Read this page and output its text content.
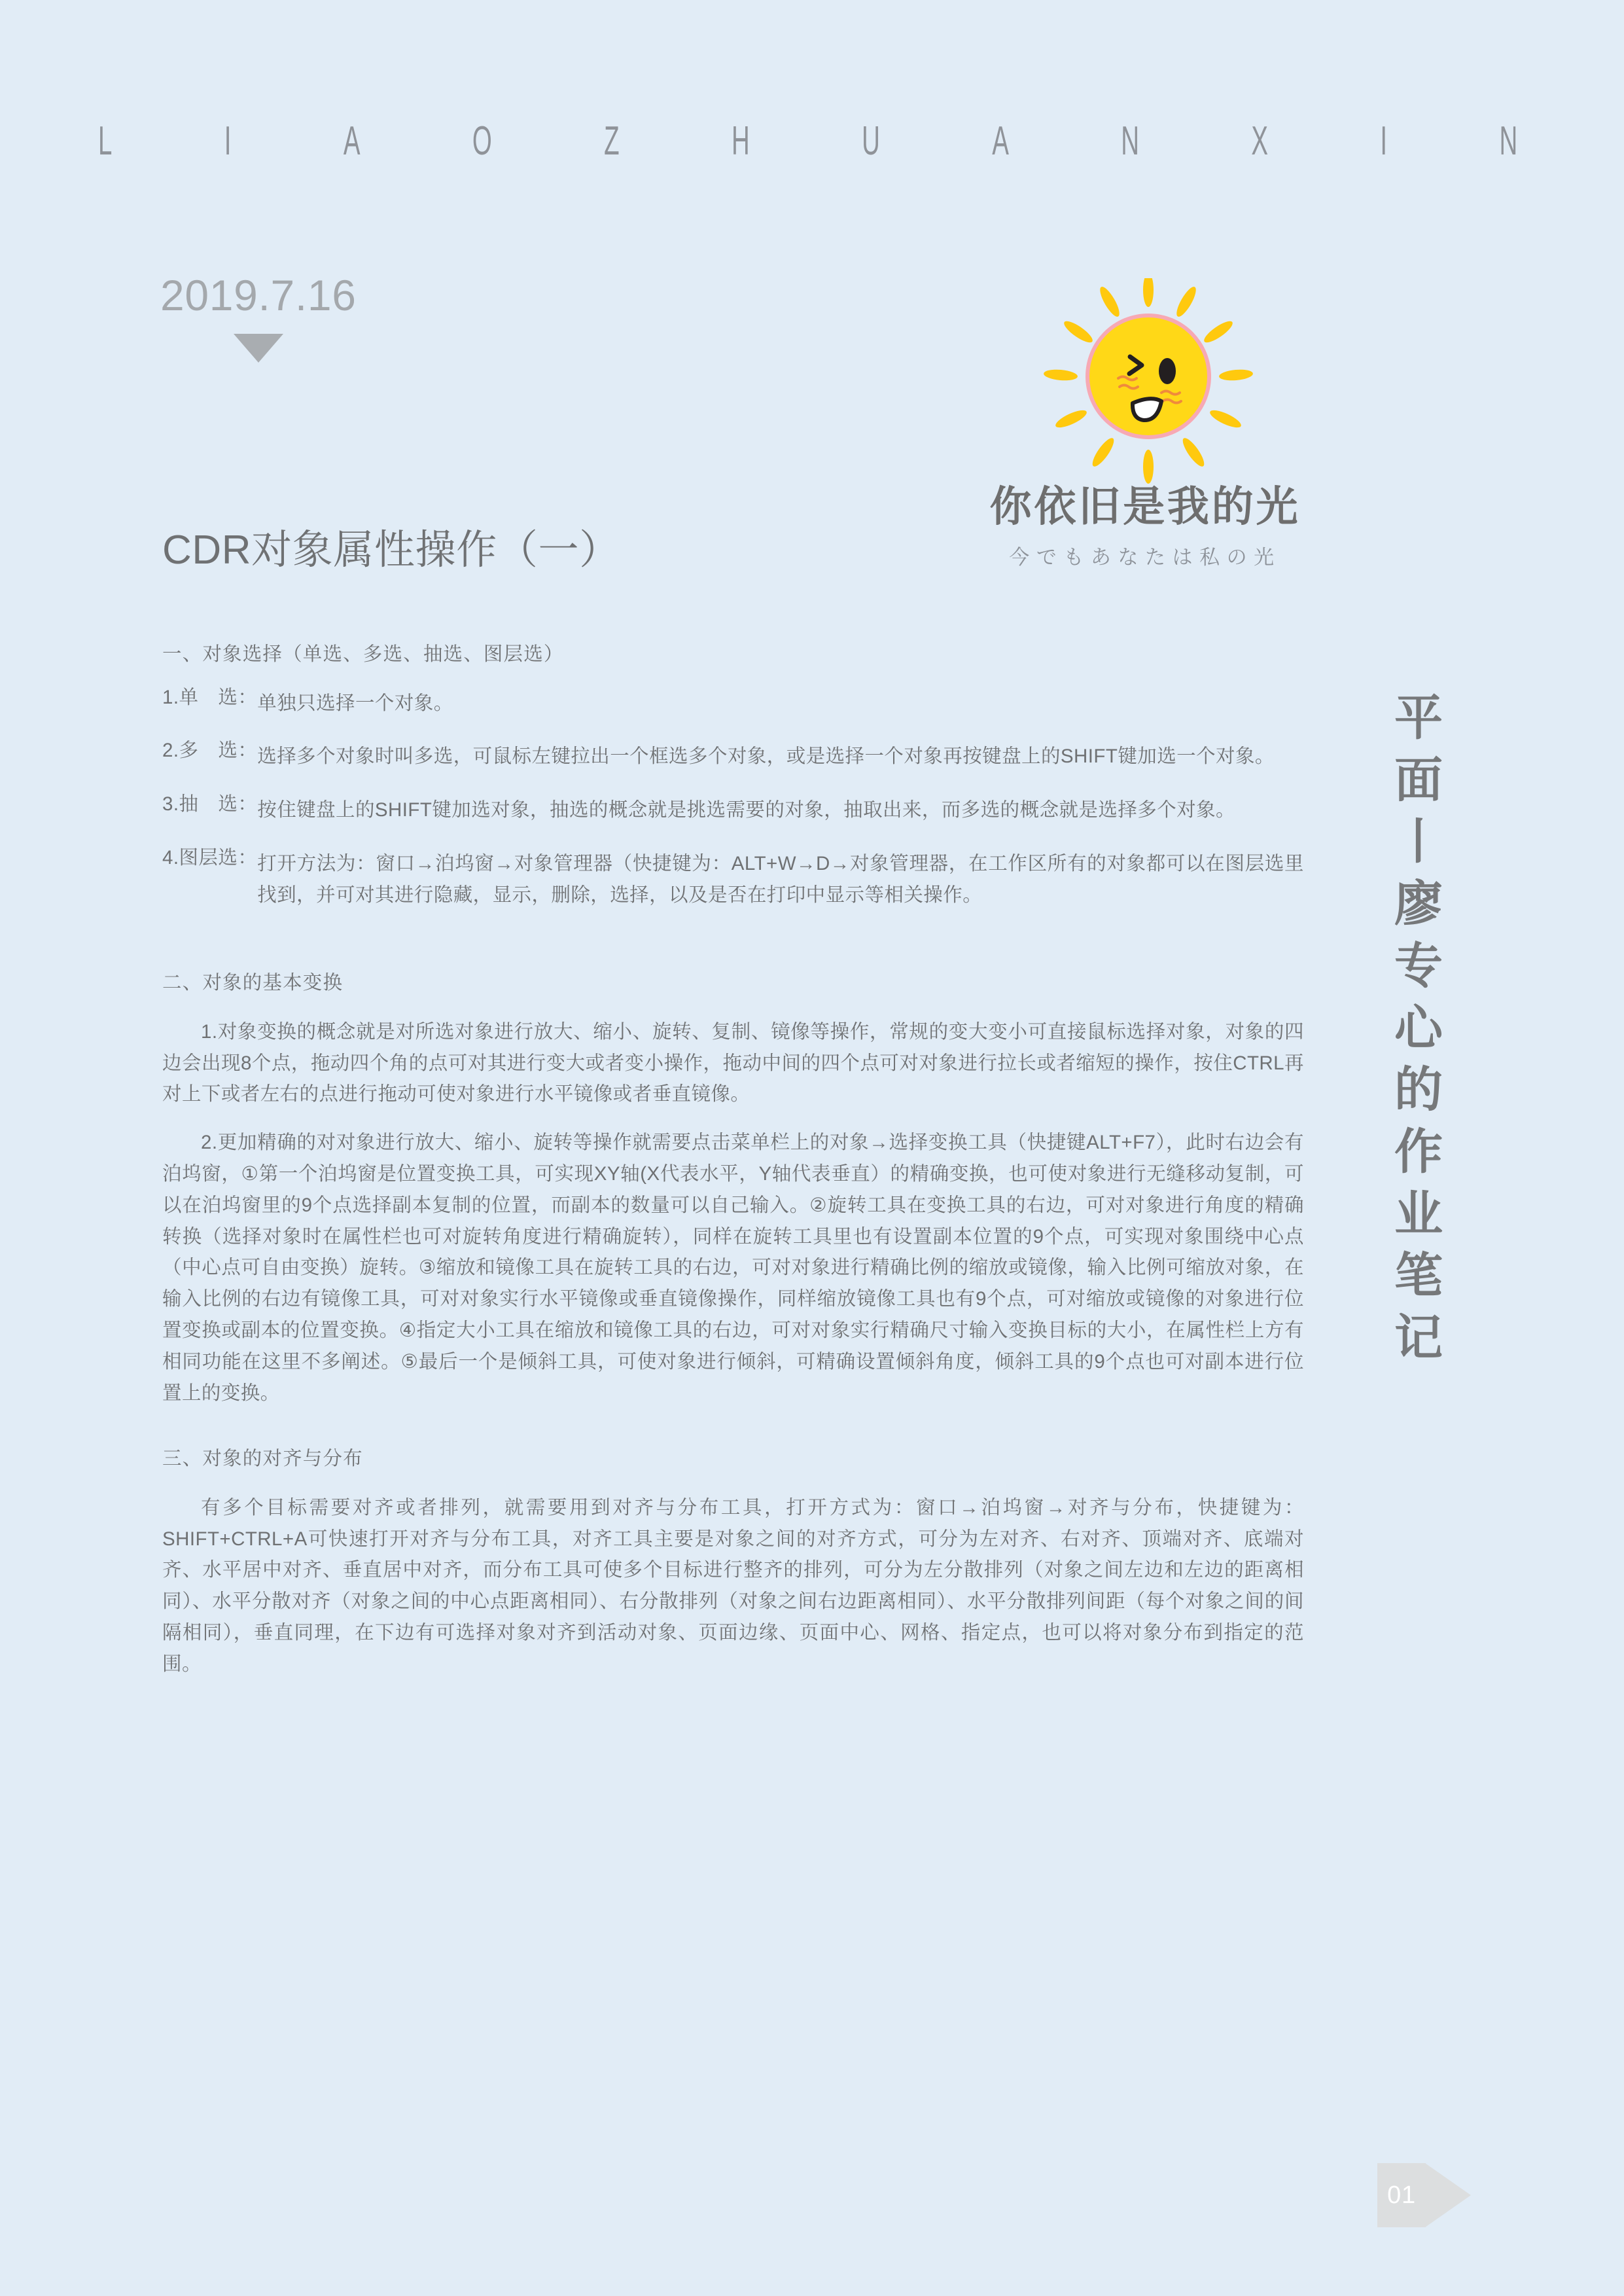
L	I	A	O	Z	H	U	A	N	X	I	N
2019.7.16
你依旧是我的光
今でもあなたは私の光
CDR对象属性操作（一）
一、对象选择（单选、多选、抽选、图层选）
1.单　选： 单独只选择一个对象。
2.多　选： 选择多个对象时叫多选，可鼠标左键拉出一个框选多个对象，或是选择一个对象再按键盘上的SHIFT键加选一个对象。
3.抽　选： 按住键盘上的SHIFT键加选对象，抽选的概念就是挑选需要的对象，抽取出来，而多选的概念就是选择多个对象。
4.图层选： 打开方法为：窗口→泊坞窗→对象管理器（快捷键为：ALT+W→D→对象管理器，在工作区所有的对象都可以在图层选里找到，并可对其进行隐藏，显示，删除，选择，以及是否在打印中显示等相关操作。
二、对象的基本变换
1.对象变换的概念就是对所选对象进行放大、缩小、旋转、复制、镜像等操作，常规的变大变小可直接鼠标选择对象，对象的四边会出现8个点，拖动四个角的点可对其进行变大或者变小操作，拖动中间的四个点可对对象进行拉长或者缩短的操作，按住CTRL再对上下或者左右的点进行拖动可使对象进行水平镜像或者垂直镜像。
2.更加精确的对对象进行放大、缩小、旋转等操作就需要点击菜单栏上的对象→选择变换工具（快捷键ALT+F7），此时右边会有泊坞窗，①第一个泊坞窗是位置变换工具，可实现XY轴(X代表水平，Y轴代表垂直）的精确变换，也可使对象进行无缝移动复制，可以在泊坞窗里的9个点选择副本复制的位置，而副本的数量可以自己输入。②旋转工具在变换工具的右边，可对对象进行角度的精确转换（选择对象时在属性栏也可对旋转角度进行精确旋转），同样在旋转工具里也有设置副本位置的9个点，可实现对象围绕中心点（中心点可自由变换）旋转。③缩放和镜像工具在旋转工具的右边，可对对象进行精确比例的缩放或镜像，输入比例可缩放对象，在输入比例的右边有镜像工具，可对对象实行水平镜像或垂直镜像操作，同样缩放镜像工具也有9个点，可对缩放或镜像的对象进行位置变换或副本的位置变换。④指定大小工具在缩放和镜像工具的右边，可对对象实行精确尺寸输入变换目标的大小，在属性栏上方有相同功能在这里不多阐述。⑤最后一个是倾斜工具，可使对象进行倾斜，可精确设置倾斜角度，倾斜工具的9个点也可对副本进行位置上的变换。
三、对象的对齐与分布
有多个目标需要对齐或者排列，就需要用到对齐与分布工具，打开方式为：窗口→泊坞窗→对齐与分布，快捷键为：SHIFT+CTRL+A可快速打开对齐与分布工具，对齐工具主要是对象之间的对齐方式，可分为左对齐、右对齐、顶端对齐、底端对齐、水平居中对齐、垂直居中对齐，而分布工具可使多个目标进行整齐的排列，可分为左分散排列（对象之间左边和左边的距离相同）、水平分散对齐（对象之间的中心点距离相同）、右分散排列（对象之间右边距离相同）、水平分散排列间距（每个对象之间的间隔相同），垂直同理，在下边有可选择对象对齐到活动对象、页面边缘、页面中心、网格、指定点，也可以将对象分布到指定的范围。
平
面
丨
廖
专
心
的
作
业
笔
记
01
